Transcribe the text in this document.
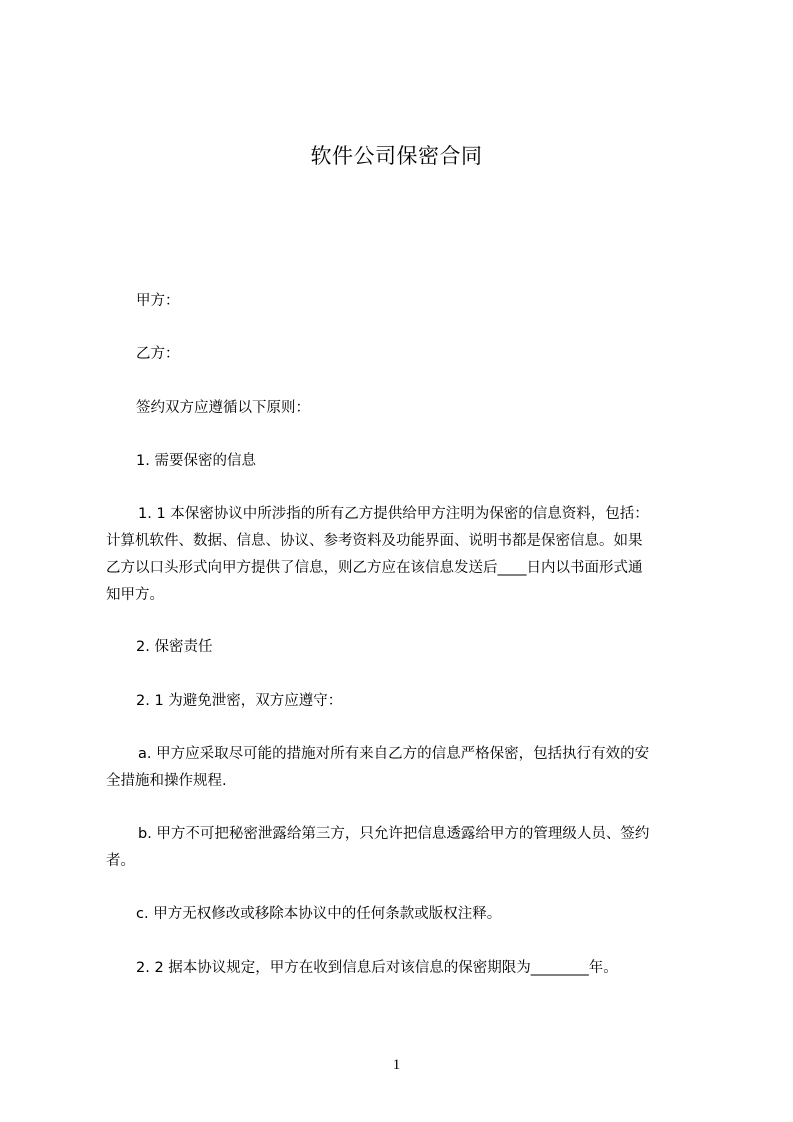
软件公司保密合同
甲方：
乙方：
签约双方应遵循以下原则：
1. 需要保密的信息
1. 1 本保密协议中所涉指的所有乙方提供给甲方注明为保密的信息资料，包括：
计算机软件、数据、信息、协议、参考资料及功能界面、说明书都是保密信息。如果
乙方以口头形式向甲方提供了信息，则乙方应在该信息发送后____日内以书面形式通
知甲方。
2. 保密责任
2. 1 为避免泄密，双方应遵守：
a. 甲方应采取尽可能的措施对所有来自乙方的信息严格保密，包括执行有效的安
全措施和操作规程.
b. 甲方不可把秘密泄露给第三方，只允许把信息透露给甲方的管理级人员、签约
者。
c. 甲方无权修改或移除本协议中的任何条款或版权注释。
2. 2 据本协议规定，甲方在收到信息后对该信息的保密期限为________年。
1
